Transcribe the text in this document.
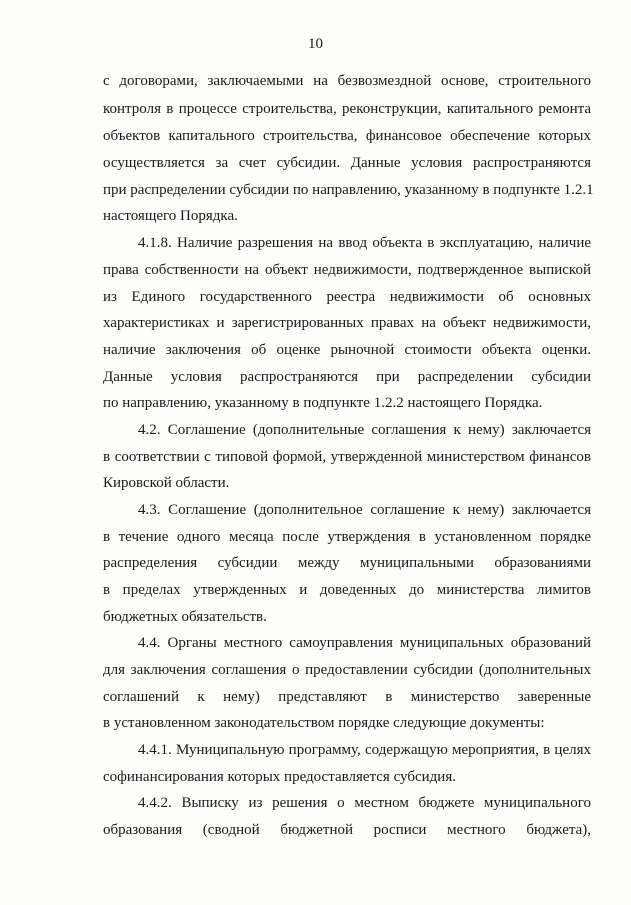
10
с договорами, заключаемыми на безвозмездной основе, строительного
контроля в процессе строительства, реконструкции, капитального ремонта
объектов капитального строительства, финансовое обеспечение которых
осуществляется за счет субсидии. Данные условия распространяются
при распределении субсидии по направлению, указанному в подпункте 1.2.1
настоящего Порядка.
4.1.8. Наличие разрешения на ввод объекта в эксплуатацию, наличие
права собственности на объект недвижимости, подтвержденное выпиской
из Единого государственного реестра недвижимости об основных
характеристиках и зарегистрированных правах на объект недвижимости,
наличие заключения об оценке рыночной стоимости объекта оценки.
Данные условия распространяются при распределении субсидии
по направлению, указанному в подпункте 1.2.2 настоящего Порядка.
4.2. Соглашение (дополнительные соглашения к нему) заключается
в соответствии с типовой формой, утвержденной министерством финансов
Кировской области.
4.3. Соглашение (дополнительное соглашение к нему) заключается
в течение одного месяца после утверждения в установленном порядке
распределения субсидии между муниципальными образованиями
в пределах утвержденных и доведенных до министерства лимитов
бюджетных обязательств.
4.4. Органы местного самоуправления муниципальных образований
для заключения соглашения о предоставлении субсидии (дополнительных
соглашений к нему) представляют в министерство заверенные
в установленном законодательством порядке следующие документы:
4.4.1. Муниципальную программу, содержащую мероприятия, в целях
софинансирования которых предоставляется субсидия.
4.4.2. Выписку из решения о местном бюджете муниципального
образования (сводной бюджетной росписи местного бюджета),
